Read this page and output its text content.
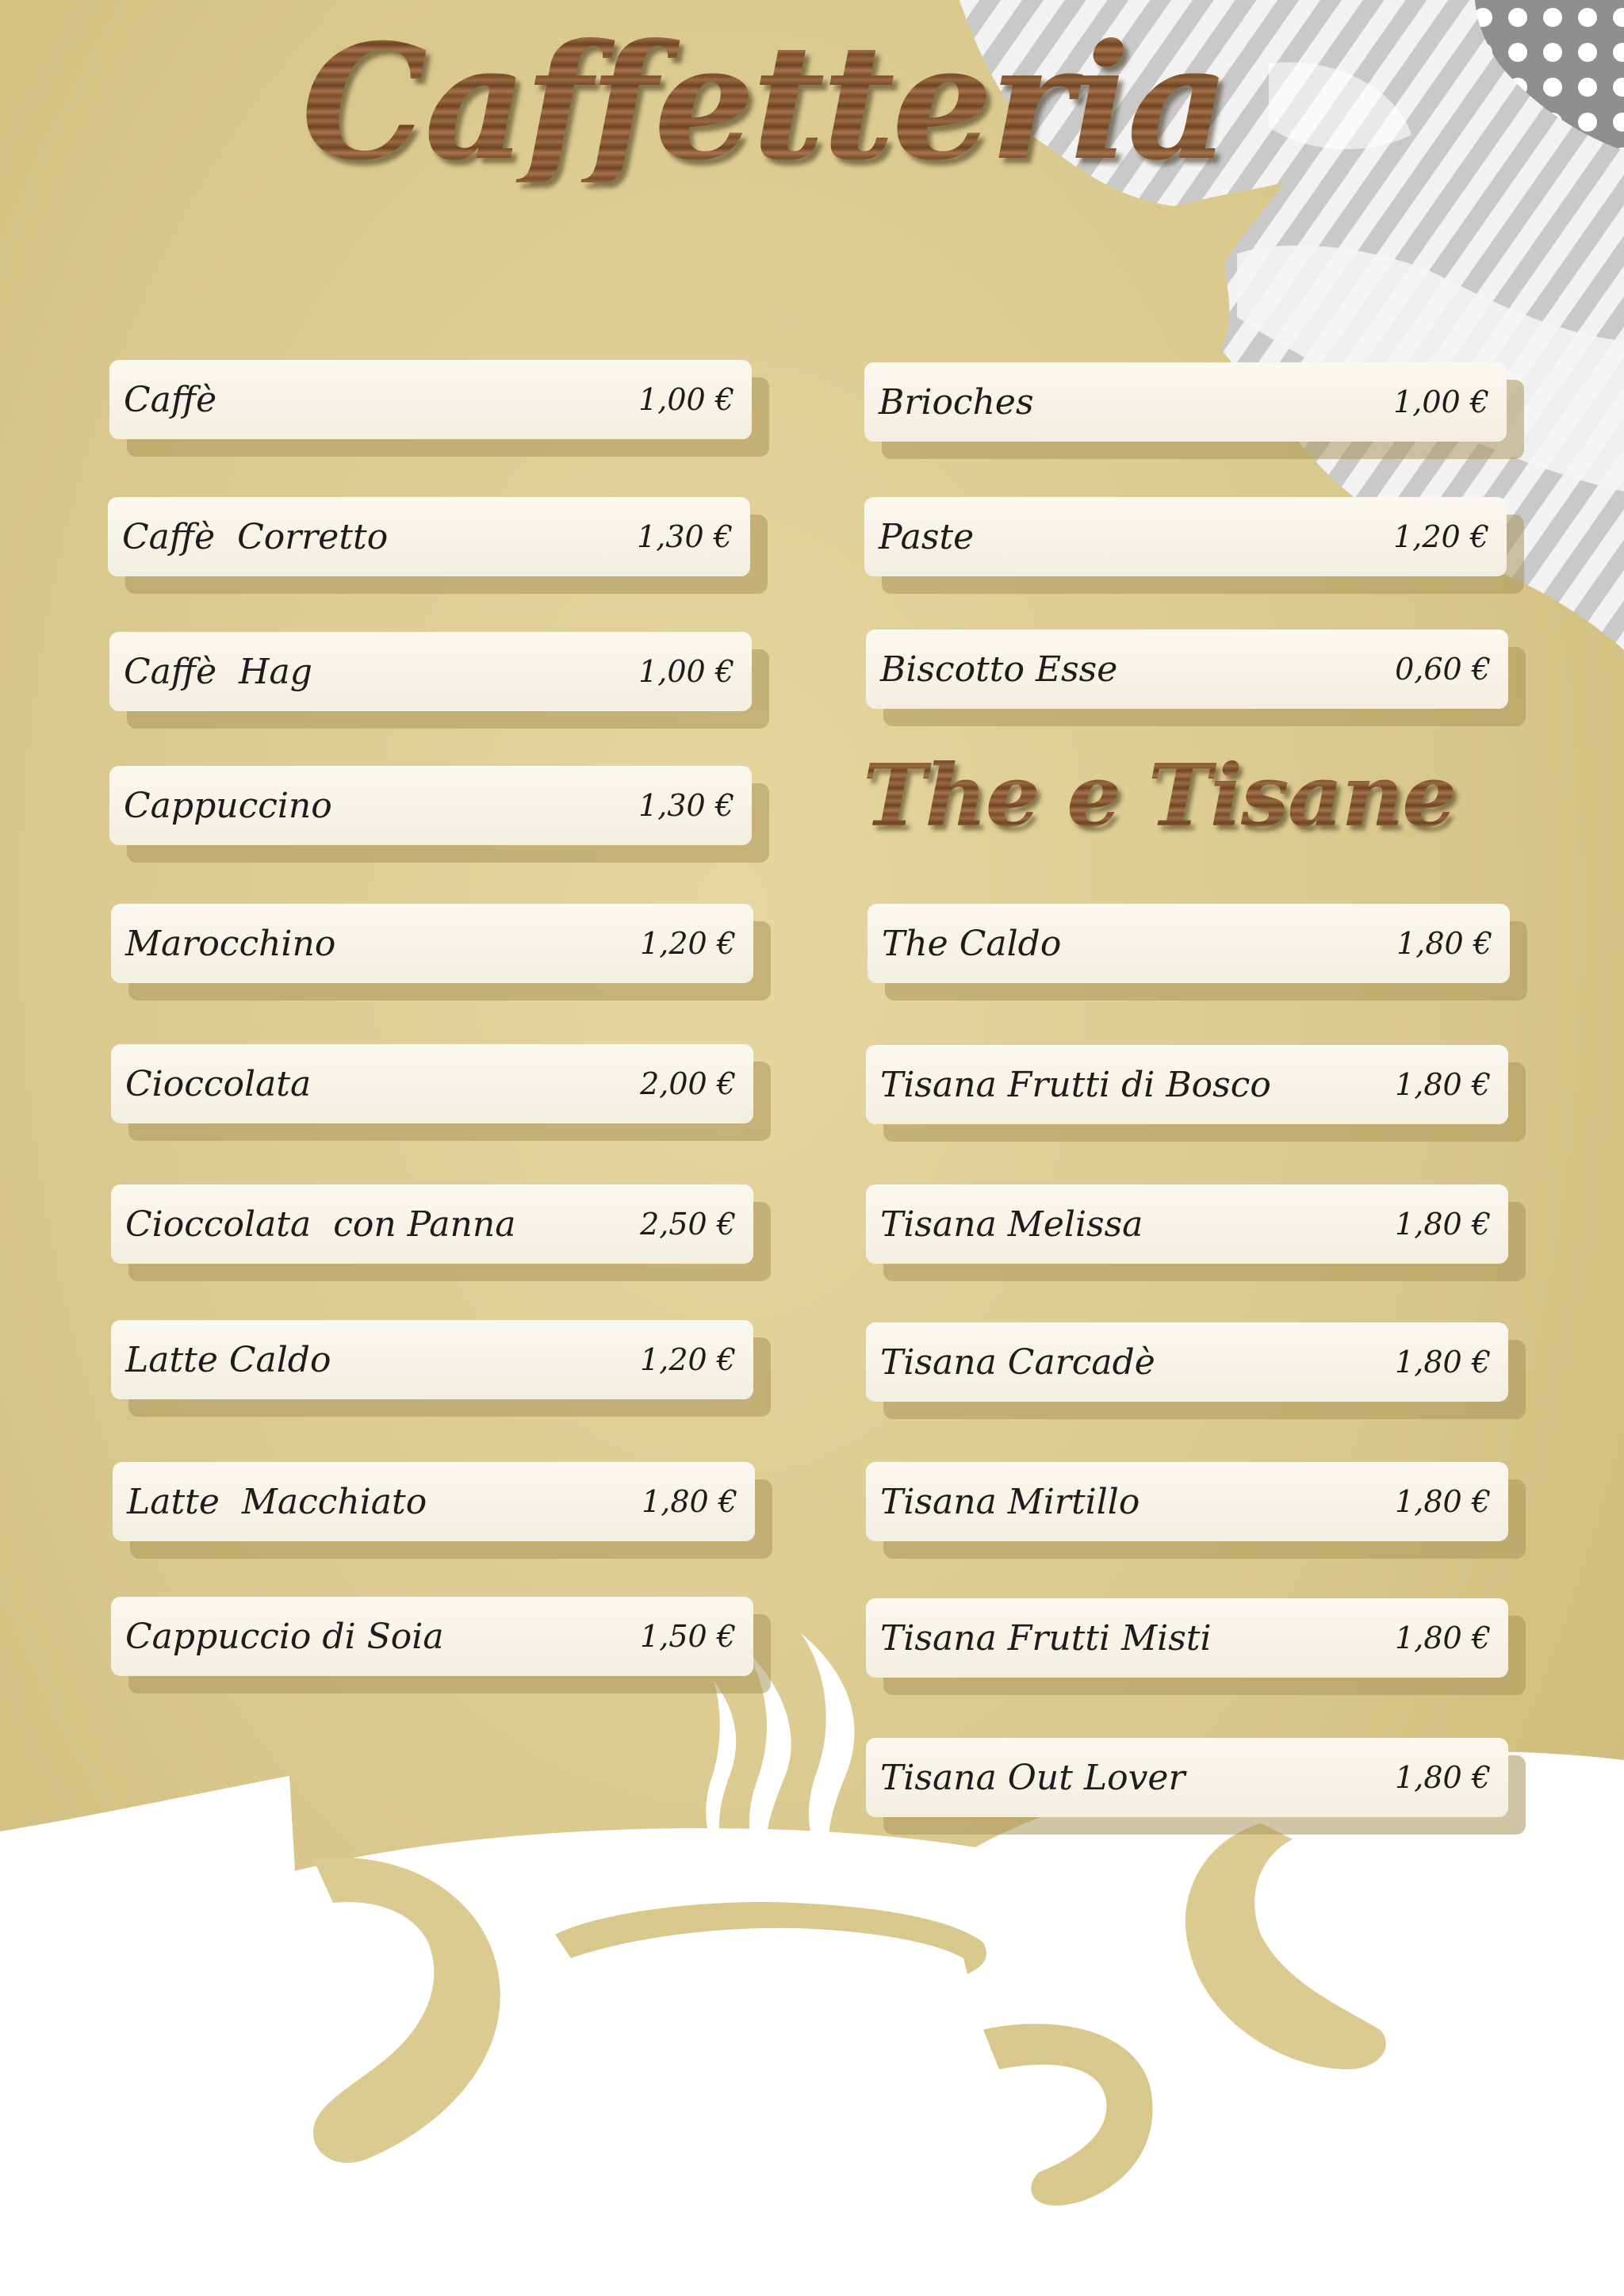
Caffetteria
The e Tisane
Caffè	1,00 €
Caffè  Corretto	1,30 €
Caffè  Hag	1,00 €
Cappuccino	1,30 €
Marocchino	1,20 €
Cioccolata	2,00 €
Cioccolata  con Panna	2,50 €
Latte Caldo	1,20 €
Latte  Macchiato	1,80 €
Cappuccio di Soia	1,50 €
Brioches	1,00 €
Paste	1,20 €
Biscotto Esse	0,60 €
The Caldo	1,80 €
Tisana Frutti di Bosco	1,80 €
Tisana Melissa	1,80 €
Tisana Carcadè	1,80 €
Tisana Mirtillo	1,80 €
Tisana Frutti Misti	1,80 €
Tisana Out Lover	1,80 €
